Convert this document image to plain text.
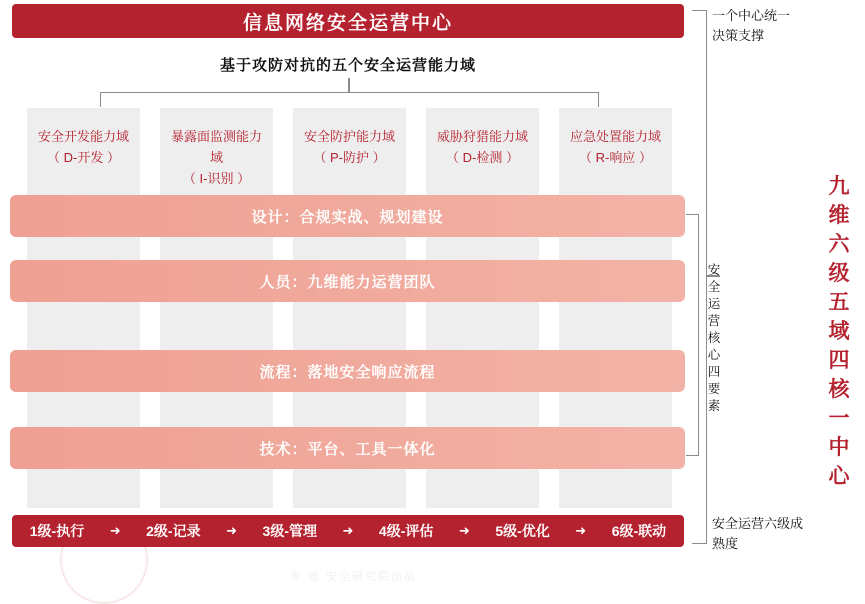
信息网络安全运营中心
基于攻防对抗的五个安全运营能力域
安全开发能力域
（ D-开发 ）
暴露面监测能力域
（ I-识别 ）
安全防护能力域
（ P-防护 ）
威胁狩猎能力域
（ D-检测 ）
应急处置能力域
（ R-响应 ）
设计：合规实战、规划建设
人员：九维能力运营团队
流程：落地安全响应流程
技术：平台、工具一体化
1级-执行 ➜ 2级-记录 ➜ 3级-管理 ➜ 4级-评估 ➜ 5级-优化 ➜ 6级-联动
一个中心统一决策支撑
安全运营核心四要素
安全运营六级成熟度
九维六级五域四核一中心
零 壹 安全研究院出品
